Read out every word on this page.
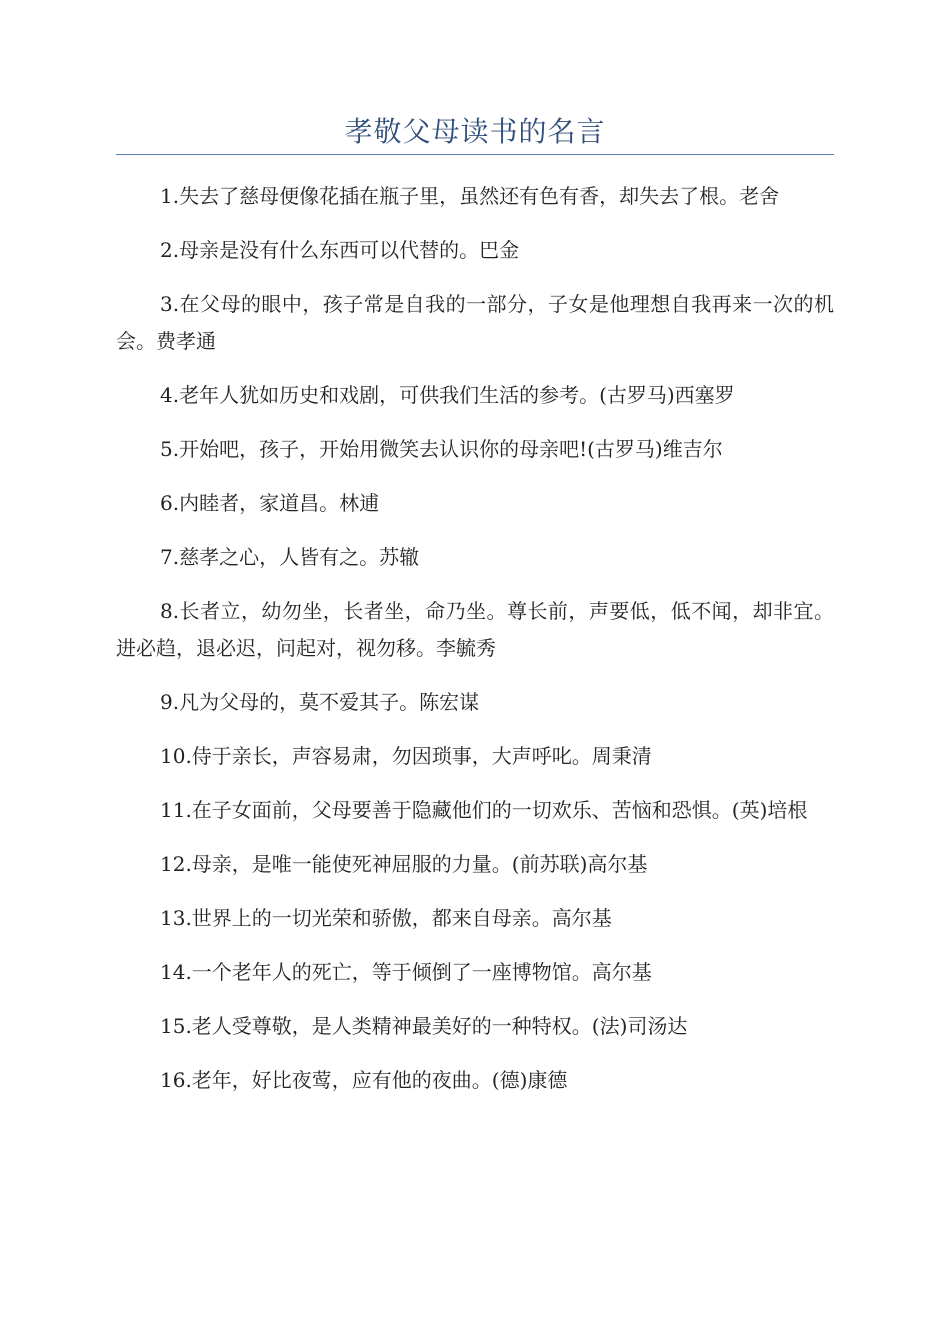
孝敬父母读书的名言

1.失去了慈母便像花插在瓶子里，虽然还有色有香，却失去了根。老舍

2.母亲是没有什么东西可以代替的。巴金

3.在父母的眼中，孩子常是自我的一部分，子女是他理想自我再来一次的机会。费孝通

4.老年人犹如历史和戏剧，可供我们生活的参考。(古罗马)西塞罗

5.开始吧，孩子，开始用微笑去认识你的母亲吧!(古罗马)维吉尔

6.内睦者，家道昌。林逋

7.慈孝之心，人皆有之。苏辙

8.长者立，幼勿坐，长者坐，命乃坐。尊长前，声要低，低不闻，却非宜。进必趋，退必迟，问起对，视勿移。李毓秀

9.凡为父母的，莫不爱其子。陈宏谋

10.侍于亲长，声容易肃，勿因琐事，大声呼叱。周秉清

11.在子女面前，父母要善于隐藏他们的一切欢乐、苦恼和恐惧。(英)培根

12.母亲，是唯一能使死神屈服的力量。(前苏联)高尔基

13.世界上的一切光荣和骄傲，都来自母亲。高尔基

14.一个老年人的死亡，等于倾倒了一座博物馆。高尔基

15.老人受尊敬，是人类精神最美好的一种特权。(法)司汤达

16.老年，好比夜莺，应有他的夜曲。(德)康德
